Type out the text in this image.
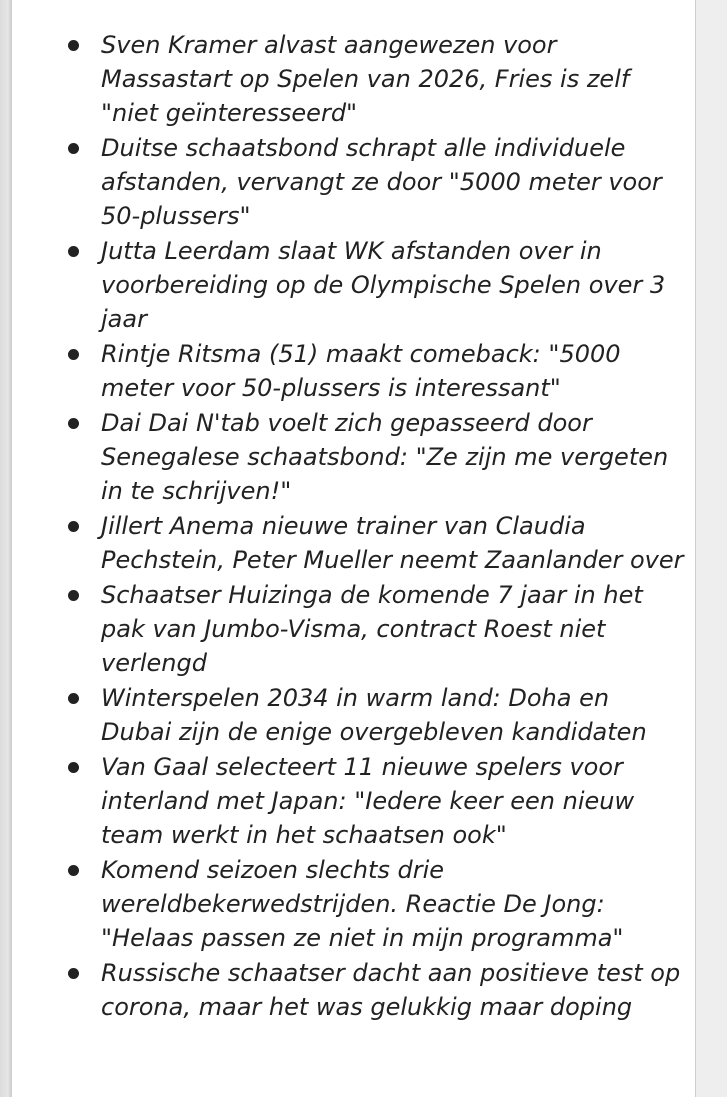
Sven Kramer alvast aangewezen voor Massastart op Spelen van 2026, Fries is zelf "niet geïnteresseerd"
Duitse schaatsbond schrapt alle individuele afstanden, vervangt ze door "5000 meter voor 50-plussers"
Jutta Leerdam slaat WK afstanden over in voorbereiding op de Olympische Spelen over 3 jaar
Rintje Ritsma (51) maakt comeback: "5000 meter voor 50-plussers is interessant"
Dai Dai N'tab voelt zich gepasseerd door Senegalese schaatsbond: "Ze zijn me vergeten in te schrijven!"
Jillert Anema nieuwe trainer van Claudia Pechstein, Peter Mueller neemt Zaanlander over
Schaatser Huizinga de komende 7 jaar in het pak van Jumbo-Visma, contract Roest niet verlengd
Winterspelen 2034 in warm land: Doha en Dubai zijn de enige overgebleven kandidaten
Van Gaal selecteert 11 nieuwe spelers voor interland met Japan: "Iedere keer een nieuw team werkt in het schaatsen ook"
Komend seizoen slechts drie wereldbekerwedstrijden. Reactie De Jong: "Helaas passen ze niet in mijn programma"
Russische schaatser dacht aan positieve test op corona, maar het was gelukkig maar doping
